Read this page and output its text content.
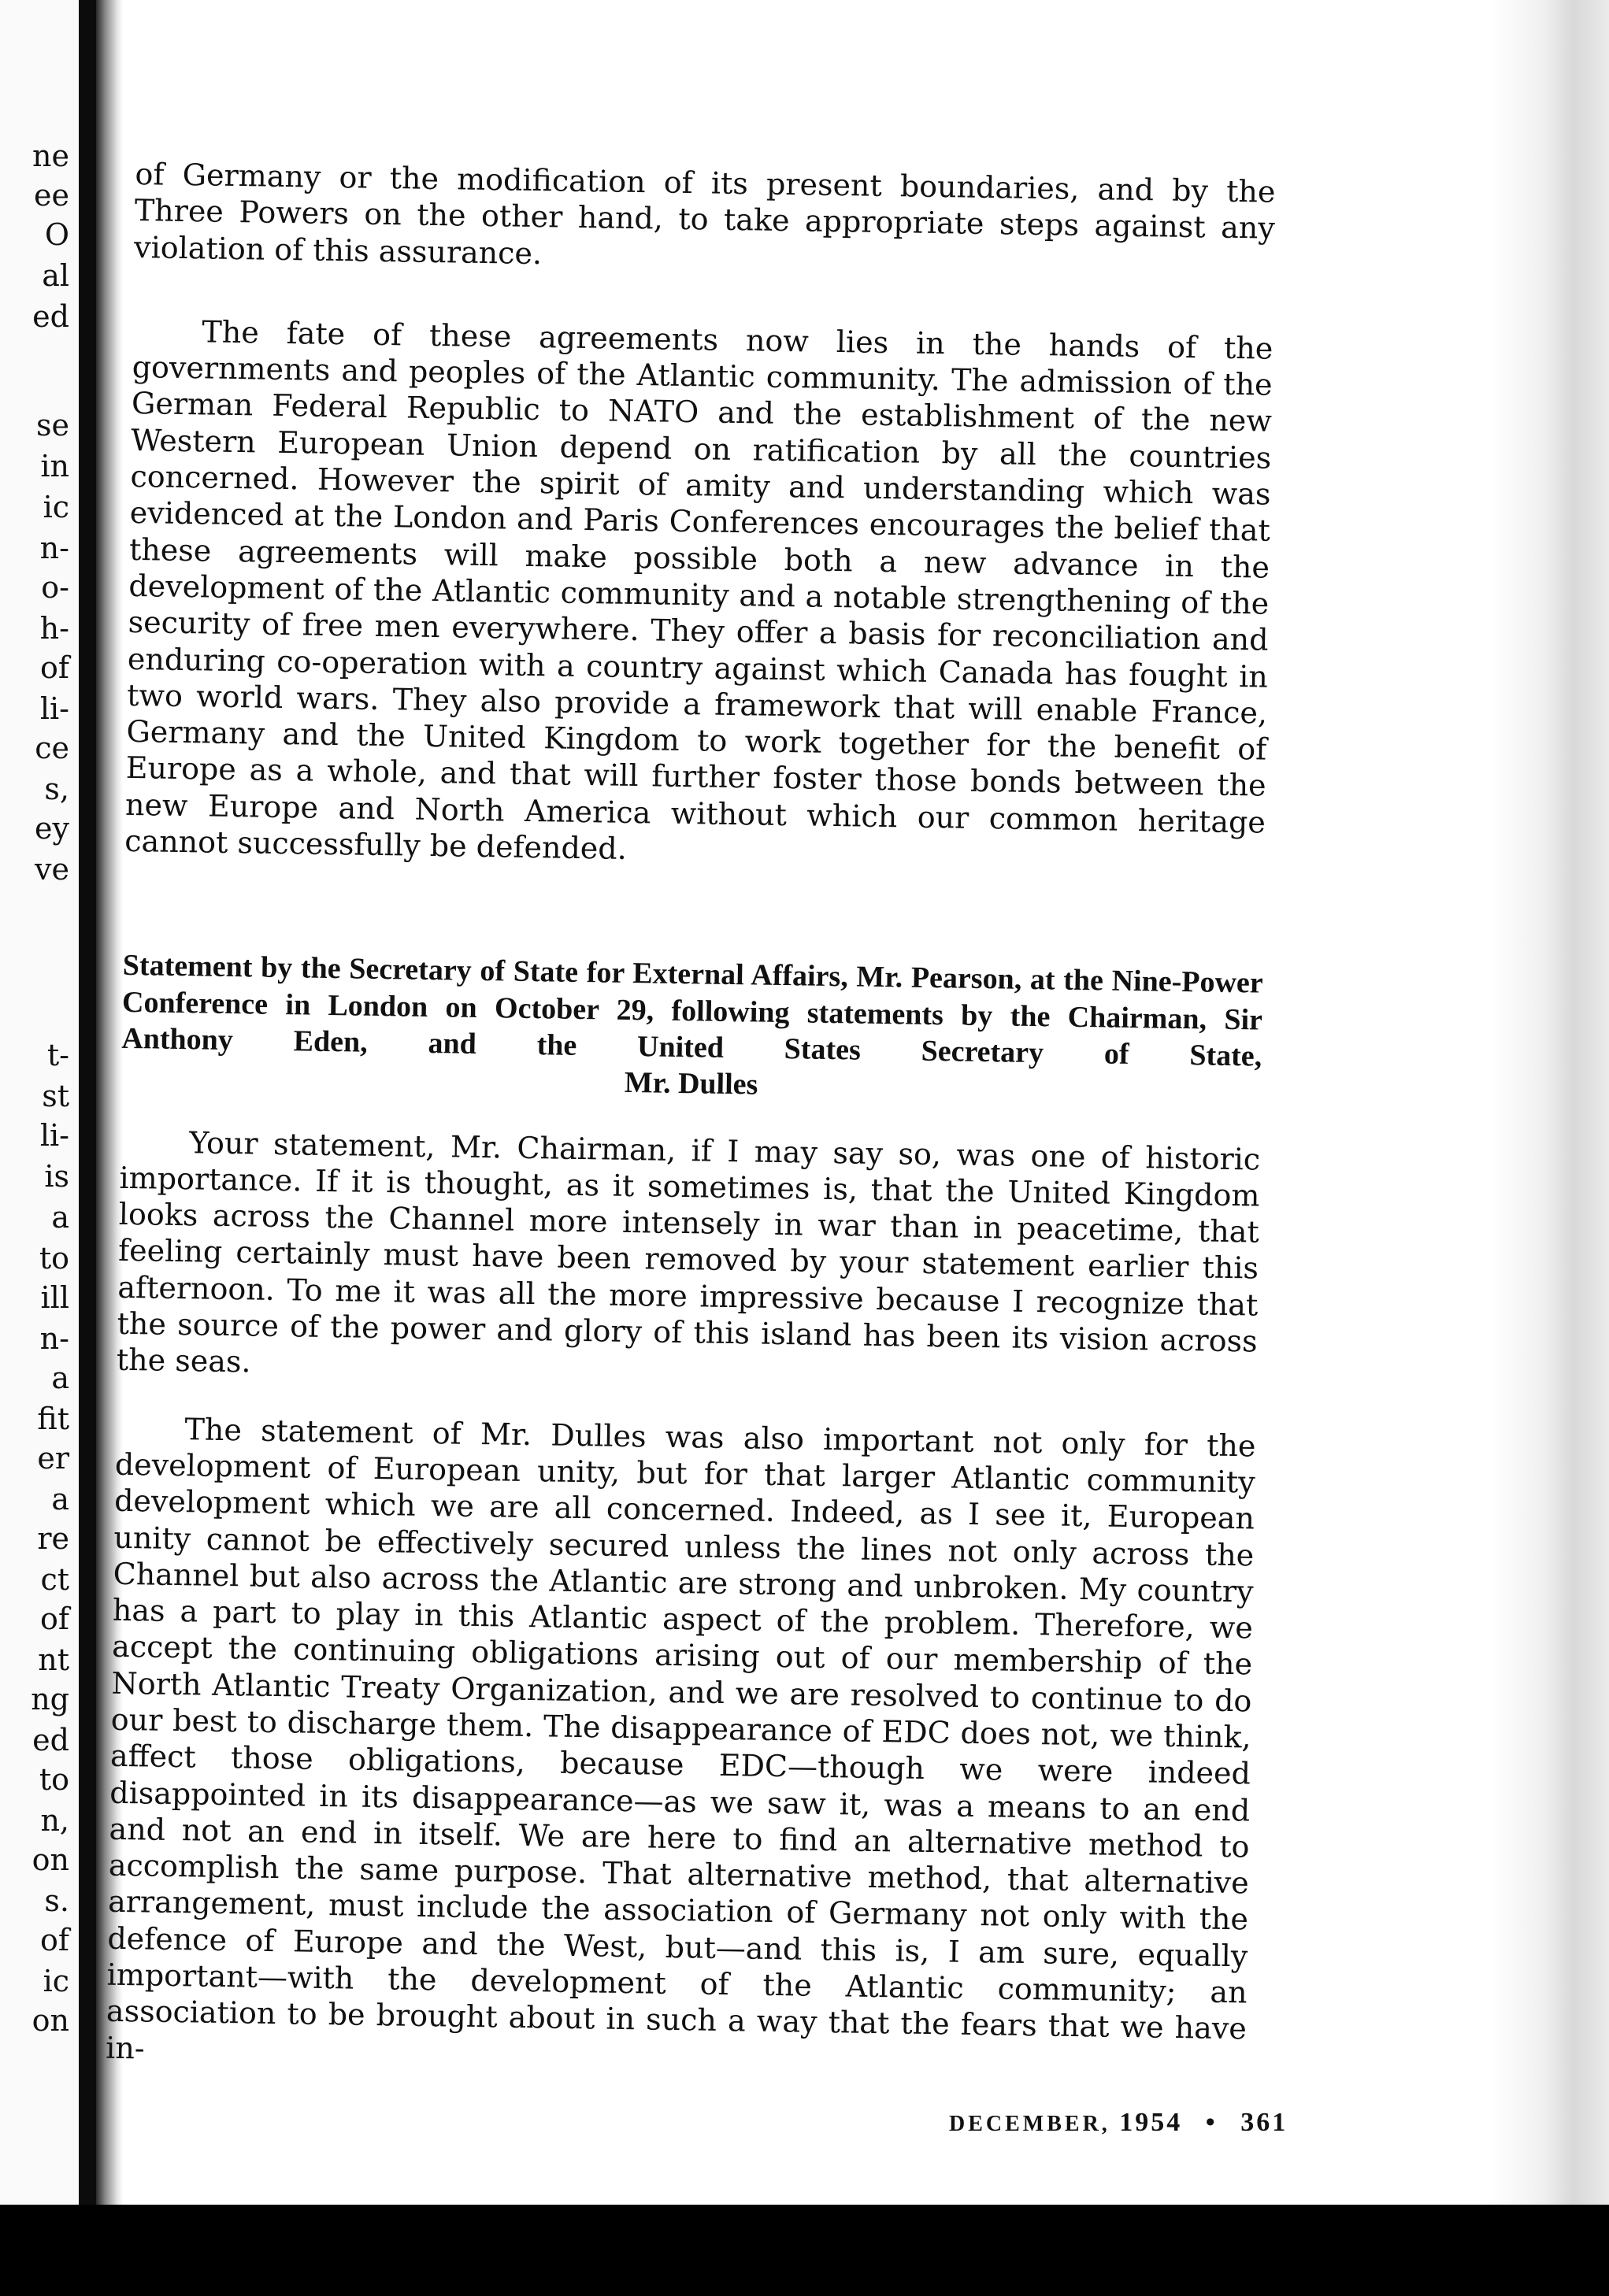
ne
ee
O
al
ed
se
in
ic
n-
o-
h-
of
li-
ce
s,
ey
ve
t-
st
li-
is
a
to
ill
n-
a
fit
er
a
re
ct
of
nt
ng
ed
to
n,
on
s.
of
ic
on

of Germany or the modification of its present boundaries, and by the Three Powers on the other hand, to take appropriate steps against any violation of this assurance.

The fate of these agreements now lies in the hands of the governments and peoples of the Atlantic community. The admission of the German Federal Republic to NATO and the establishment of the new Western European Union depend on ratification by all the countries concerned. However the spirit of amity and understanding which was evidenced at the London and Paris Conferences encourages the belief that these agreements will make possible both a new advance in the development of the Atlantic community and a notable strengthening of the security of free men everywhere. They offer a basis for reconciliation and enduring co-operation with a country against which Canada has fought in two world wars. They also provide a framework that will enable France, Germany and the United Kingdom to work together for the benefit of Europe as a whole, and that will further foster those bonds between the new Europe and North America without which our common heritage cannot successfully be defended.

Statement by the Secretary of State for External Affairs, Mr. Pearson, at the Nine-Power Conference in London on October 29, following statements by the Chairman, Sir Anthony Eden, and the United States Secretary of State,
Mr. Dulles

Your statement, Mr. Chairman, if I may say so, was one of historic importance. If it is thought, as it sometimes is, that the United Kingdom looks across the Channel more intensely in war than in peacetime, that feeling certainly must have been removed by your statement earlier this afternoon. To me it was all the more impressive because I recognize that the source of the power and glory of this island has been its vision across the seas.

The statement of Mr. Dulles was also important not only for the development of European unity, but for that larger Atlantic community development which we are all concerned. Indeed, as I see it, European unity cannot be effectively secured unless the lines not only across the Channel but also across the Atlantic are strong and unbroken. My country has a part to play in this Atlantic aspect of the problem. Therefore, we accept the continuing obligations arising out of our membership of the North Atlantic Treaty Organization, and we are resolved to continue to do our best to discharge them. The disappearance of EDC does not, we think, affect those obligations, because EDC—though we were indeed disappointed in its disappearance—as we saw it, was a means to an end and not an end in itself. We are here to find an alternative method to accomplish the same purpose. That alternative method, that alternative arrangement, must include the association of Germany not only with the defence of Europe and the West, but—and this is, I am sure, equally important—with the development of the Atlantic community; an association to be brought about in such a way that the fears that we have in-

DECEMBER, 1954 • 361
